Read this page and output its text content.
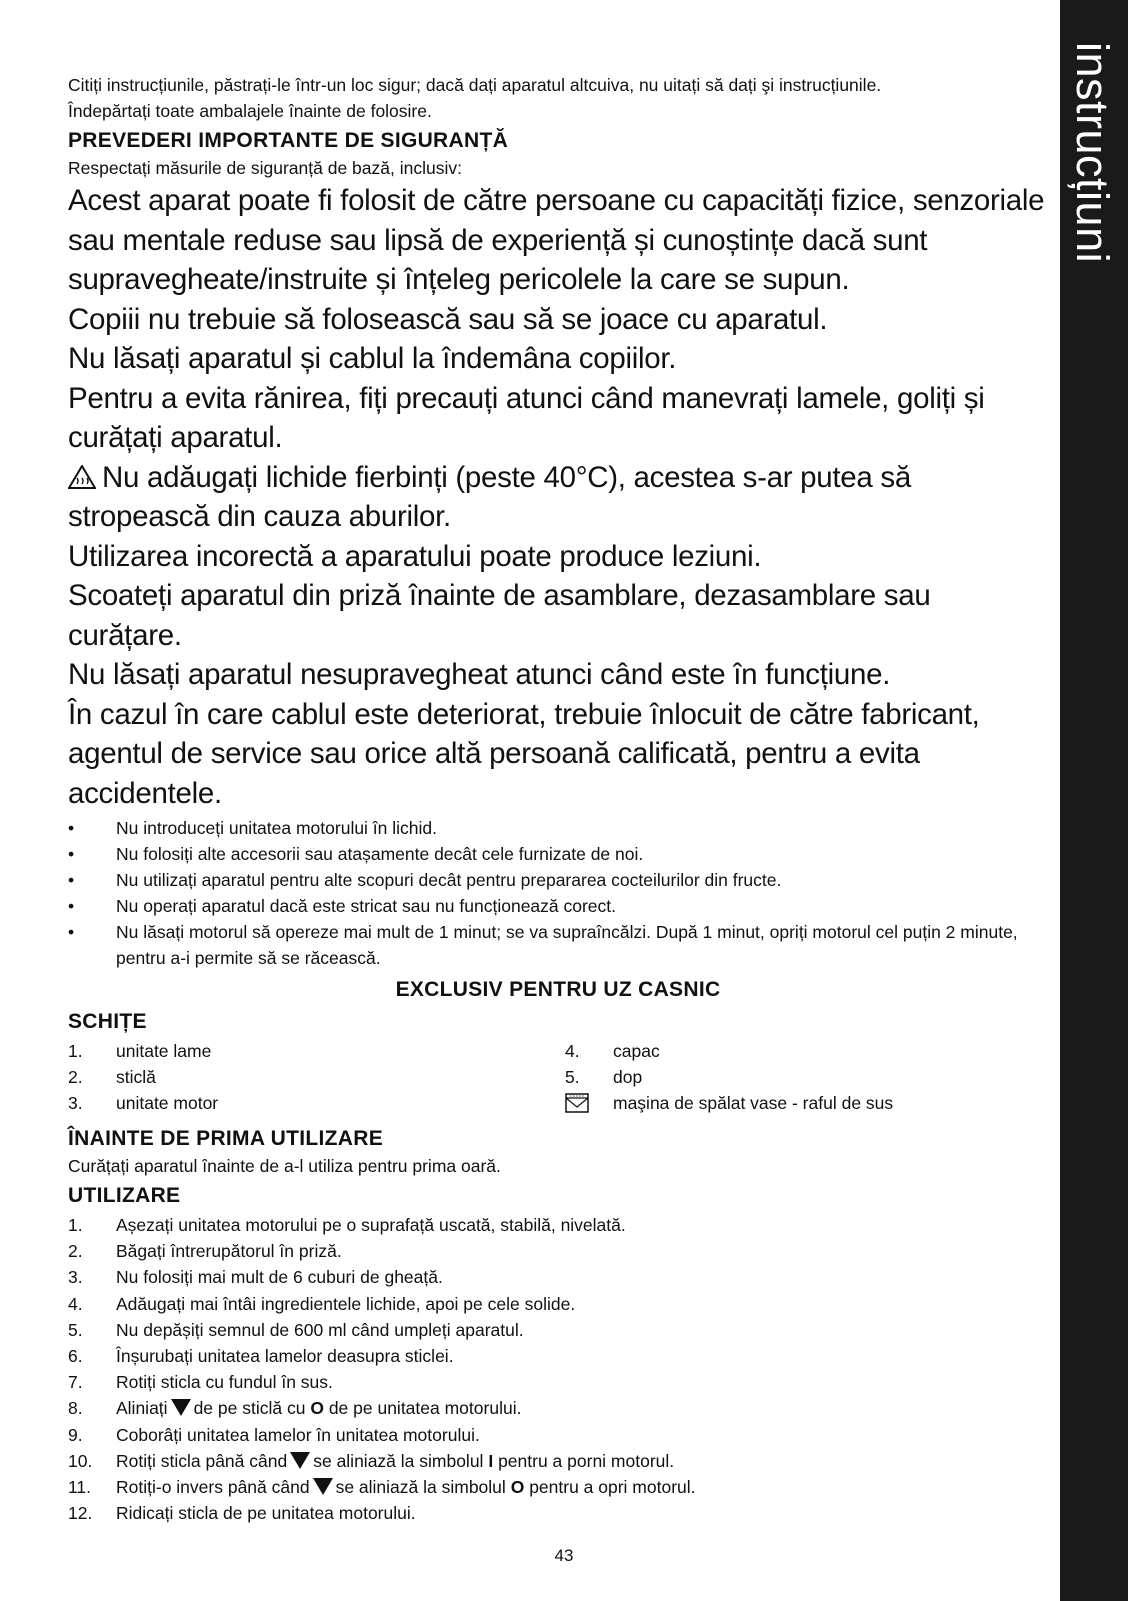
instrucțiuni

Citiți instrucțiunile, păstrați-le într-un loc sigur; dacă dați aparatul altcuiva, nu uitați să dați şi instrucțiunile.

Îndepărtați toate ambalajele înainte de folosire.

PREVEDERI IMPORTANTE DE SIGURANȚĂ

Respectați măsurile de siguranță de bază, inclusiv:

Acest aparat poate fi folosit de către persoane cu capacități fizice, senzoriale sau mentale reduse sau lipsă de experiență și cunoștințe dacă sunt supravegheate/instruite și înțeleg pericolele la care se supun.

Copiii nu trebuie să folosească sau să se joace cu aparatul.

Nu lăsați aparatul și cablul la îndemâna copiilor.

Pentru a evita rănirea, fiți precauți atunci când manevrați lamele, goliți și curățați aparatul.

Nu adăugați lichide fierbinți (peste 40°C), acestea s-ar putea să stropească din cauza aburilor.

Utilizarea incorectă a aparatului poate produce leziuni.

Scoateți aparatul din priză înainte de asamblare, dezasamblare sau curățare.

Nu lăsați aparatul nesupravegheat atunci când este în funcțiune.

În cazul în care cablul este deteriorat, trebuie înlocuit de către fabricant, agentul de service sau orice altă persoană calificată, pentru a evita accidentele.

• Nu introduceți unitatea motorului în lichid.
• Nu folosiți alte accesorii sau atașamente decât cele furnizate de noi.
• Nu utilizați aparatul pentru alte scopuri decât pentru prepararea cocteilurilor din fructe.
• Nu operați aparatul dacă este stricat sau nu funcționează corect.
• Nu lăsați motorul să opereze mai mult de 1 minut; se va supraîncălzi. După 1 minut, opriți motorul cel puțin 2 minute, pentru a-i permite să se răcească.
EXCLUSIV PENTRU UZ CASNIC
SCHIȚE
1. unitate lame
2. sticlă
3. unitate motor
4. capac
5. dop
maşina de spălat vase - raful de sus
ÎNAINTE DE PRIMA UTILIZARE

Curățați aparatul înainte de a-l utiliza pentru prima oară.

UTILIZARE
1. Așezați unitatea motorului pe o suprafață uscată, stabilă, nivelată.
2. Băgați întrerupătorul în priză.
3. Nu folosiți mai mult de 6 cuburi de gheață.
4. Adăugați mai întâi ingredientele lichide, apoi pe cele solide.
5. Nu depășiți semnul de 600 ml când umpleți aparatul.
6. Înșurubați unitatea lamelor deasupra sticlei.
7. Rotiți sticla cu fundul în sus.
8. Aliniați de pe sticlă cu O de pe unitatea motorului.
9. Coborâți unitatea lamelor în unitatea motorului.
10. Rotiți sticla până când se aliniază la simbolul I pentru a porni motorul.
11. Rotiți-o invers până când se aliniază la simbolul O pentru a opri motorul.
12. Ridicați sticla de pe unitatea motorului.
43
